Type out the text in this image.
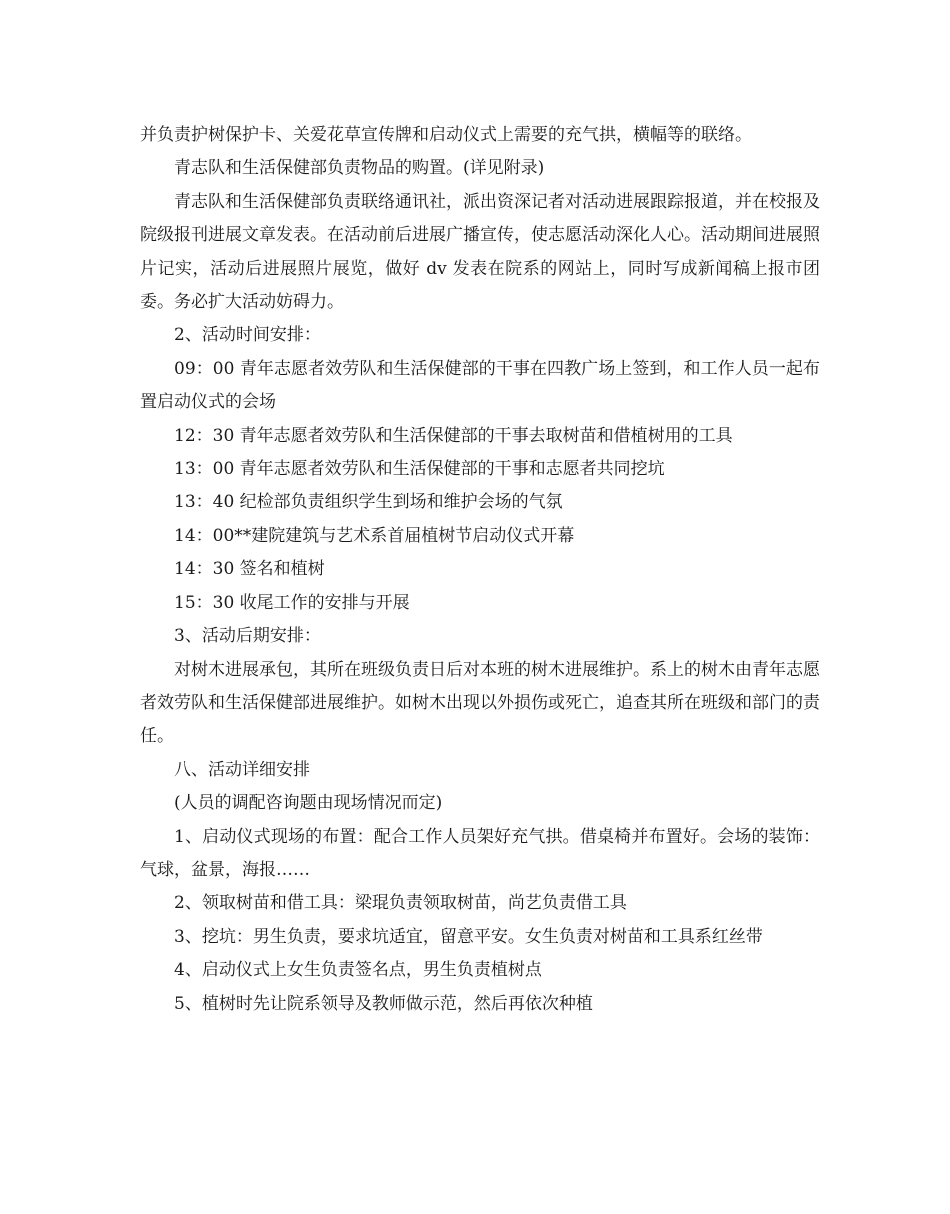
并负责护树保护卡、关爱花草宣传牌和启动仪式上需要的充气拱，横幅等的联络。

青志队和生活保健部负责物品的购置。(详见附录)

青志队和生活保健部负责联络通讯社，派出资深记者对活动进展跟踪报道，并在校报及院级报刊进展文章发表。在活动前后进展广播宣传，使志愿活动深化人心。活动期间进展照片记实，活动后进展照片展览，做好 dv 发表在院系的网站上，同时写成新闻稿上报市团委。务必扩大活动妨碍力。

2、活动时间安排：

09：00 青年志愿者效劳队和生活保健部的干事在四教广场上签到，和工作人员一起布置启动仪式的会场

12：30 青年志愿者效劳队和生活保健部的干事去取树苗和借植树用的工具

13：00 青年志愿者效劳队和生活保健部的干事和志愿者共同挖坑

13：40 纪检部负责组织学生到场和维护会场的气氛

14：00**建院建筑与艺术系首届植树节启动仪式开幕

14：30 签名和植树

15：30 收尾工作的安排与开展

3、活动后期安排：

对树木进展承包，其所在班级负责日后对本班的树木进展维护。系上的树木由青年志愿者效劳队和生活保健部进展维护。如树木出现以外损伤或死亡，追查其所在班级和部门的责任。

八、活动详细安排

(人员的调配咨询题由现场情况而定)

1、启动仪式现场的布置：配合工作人员架好充气拱。借桌椅并布置好。会场的装饰：气球，盆景，海报……

2、领取树苗和借工具：梁琨负责领取树苗，尚艺负责借工具

3、挖坑：男生负责，要求坑适宜，留意平安。女生负责对树苗和工具系红丝带

4、启动仪式上女生负责签名点，男生负责植树点

5、植树时先让院系领导及教师做示范，然后再依次种植
